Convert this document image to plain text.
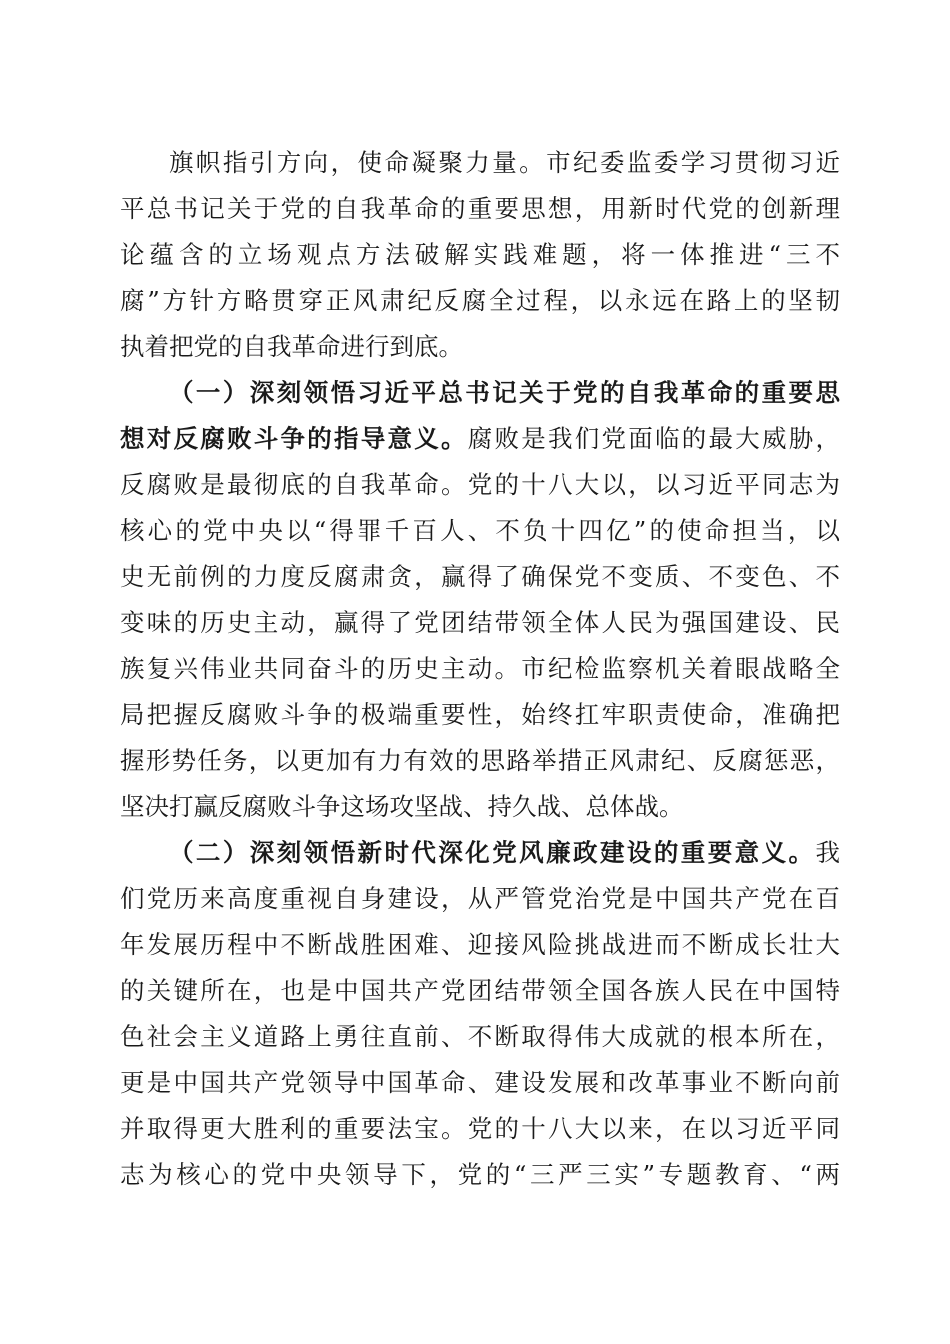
旗帜指引方向，使命凝聚力量。市纪委监委学习贯彻习近
平总书记关于党的自我革命的重要思想，用新时代党的创新理
论蕴含的立场观点方法破解实践难题，将一体推进“三不
腐”方针方略贯穿正风肃纪反腐全过程，以永远在路上的坚韧
执着把党的自我革命进行到底。
（一）深刻领悟习近平总书记关于党的自我革命的重要思
想对反腐败斗争的指导意义。腐败是我们党面临的最大威胁，
反腐败是最彻底的自我革命。党的十八大以，以习近平同志为
核心的党中央以“得罪千百人、不负十四亿”的使命担当，以
史无前例的力度反腐肃贪，赢得了确保党不变质、不变色、不
变味的历史主动，赢得了党团结带领全体人民为强国建设、民
族复兴伟业共同奋斗的历史主动。市纪检监察机关着眼战略全
局把握反腐败斗争的极端重要性，始终扛牢职责使命，准确把
握形势任务，以更加有力有效的思路举措正风肃纪、反腐惩恶，
坚决打赢反腐败斗争这场攻坚战、持久战、总体战。
（二）深刻领悟新时代深化党风廉政建设的重要意义。我
们党历来高度重视自身建设，从严管党治党是中国共产党在百
年发展历程中不断战胜困难、迎接风险挑战进而不断成长壮大
的关键所在，也是中国共产党团结带领全国各族人民在中国特
色社会主义道路上勇往直前、不断取得伟大成就的根本所在，
更是中国共产党领导中国革命、建设发展和改革事业不断向前
并取得更大胜利的重要法宝。党的十八大以来，在以习近平同
志为核心的党中央领导下，党的“三严三实”专题教育、“两
